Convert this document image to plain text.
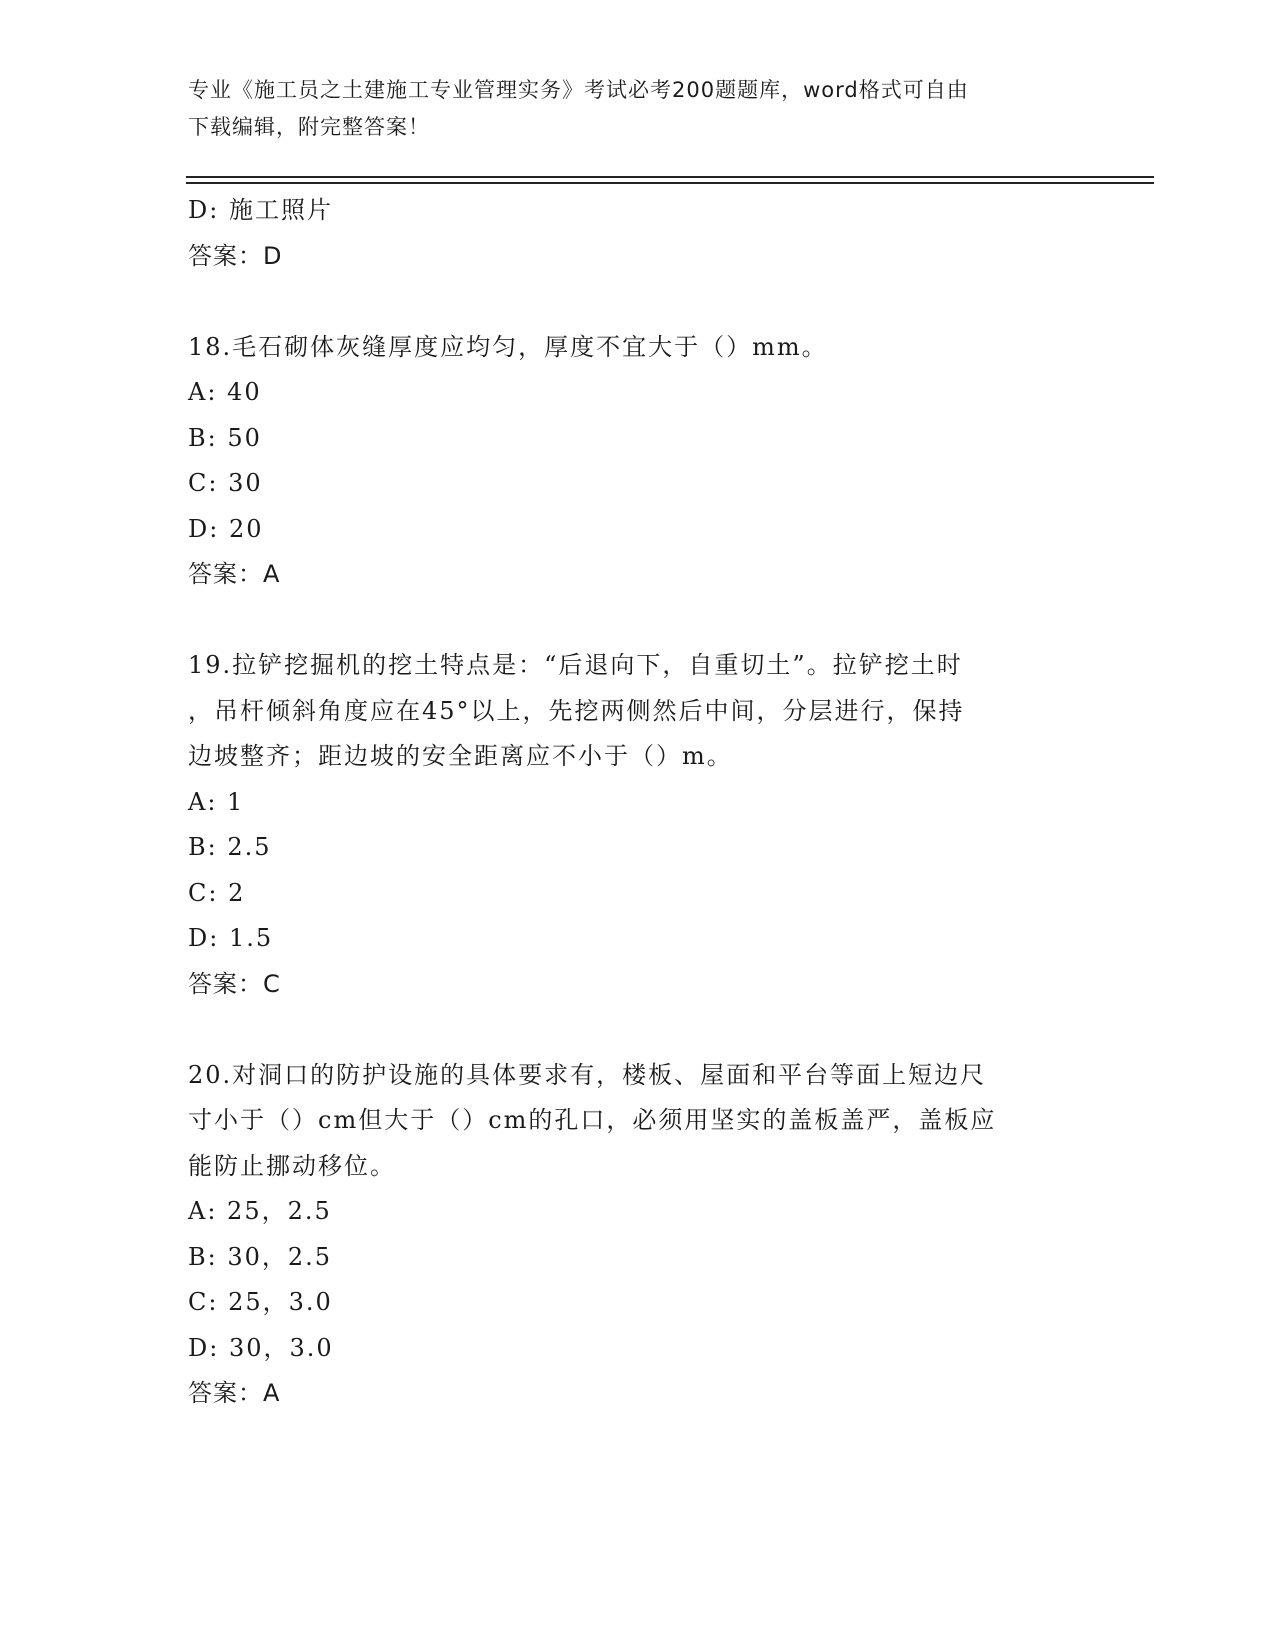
专业《施工员之土建施工专业管理实务》考试必考200题题库，word格式可自由
下载编辑，附完整答案！
D: 施工照片
答案：D
18.毛石砌体灰缝厚度应均匀，厚度不宜大于（）mm。
A: 40
B: 50
C: 30
D: 20
答案：A
19.拉铲挖掘机的挖土特点是：“后退向下，自重切土”。拉铲挖土时
，吊杆倾斜角度应在45°以上，先挖两侧然后中间，分层进行，保持
边坡整齐；距边坡的安全距离应不小于（）m。
A: 1
B: 2.5
C: 2
D: 1.5
答案：C
20.对洞口的防护设施的具体要求有，楼板、屋面和平台等面上短边尺
寸小于（）cm但大于（）cm的孔口，必须用坚实的盖板盖严，盖板应
能防止挪动移位。
A: 25，2.5
B: 30，2.5
C: 25，3.0
D: 30，3.0
答案：A
